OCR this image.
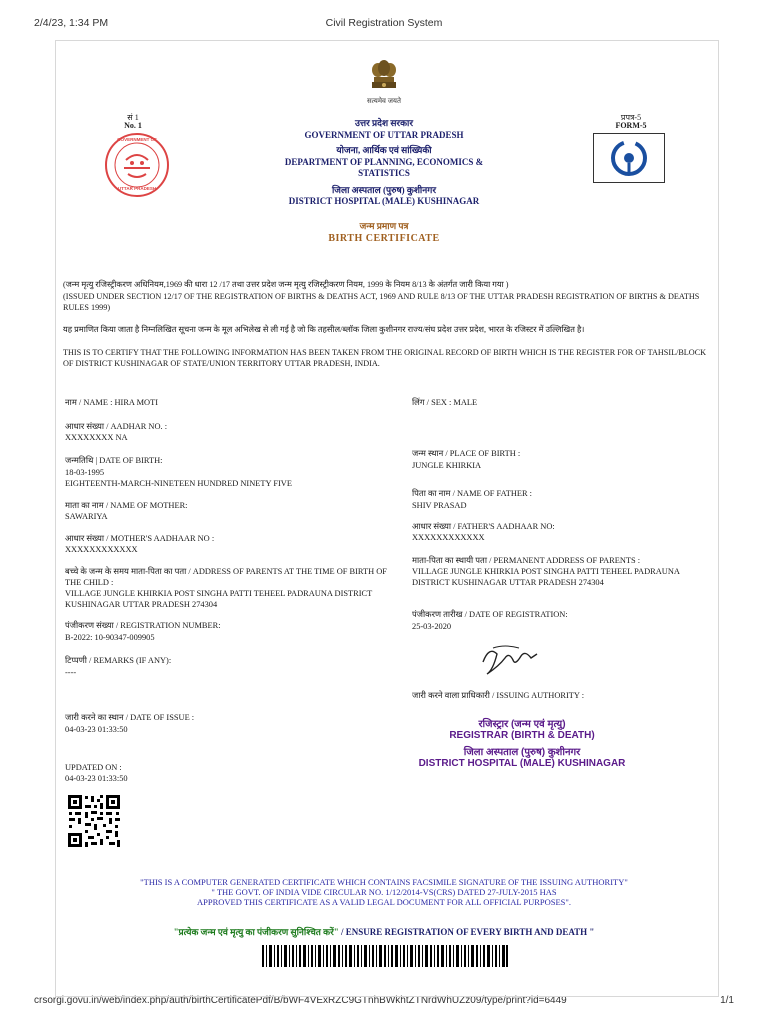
2/4/23, 1:34 PM	Civil Registration System
crsorgi.govu.in/web/index.php/auth/birthCertificatePdf/B/bWF4VExRZC9GTnhBWkhtZTNrdWhUZz09/type/print?id=6449	1/1
सत्यमेव जयते
सं 1
No. 1
GOVERNMENT OF
UTTAR PRADESH
प्रपत्र-5
FORM-5
उत्तर प्रदेश सरकार
GOVERNMENT OF UTTAR PRADESH
योजना, आर्थिक एवं सांख्यिकी
DEPARTMENT OF PLANNING, ECONOMICS &
STATISTICS
जिला अस्पताल (पुरुष) कुशीनगर
DISTRICT HOSPITAL (MALE) KUSHINAGAR
जन्म प्रमाण पत्र
BIRTH CERTIFICATE
(जन्म मृत्यु रजिस्ट्रीकरण अधिनियम,1969 की धारा 12 /17 तथा उत्तर प्रदेश जन्म मृत्यु रजिस्ट्रीकरण नियम, 1999 के नियम 8/13 के अंतर्गत जारी किया गया )
(ISSUED UNDER SECTION 12/17 OF THE REGISTRATION OF BIRTHS & DEATHS ACT, 1969 AND RULE 8/13 OF THE UTTAR PRADESH REGISTRATION OF BIRTHS & DEATHS RULES 1999)
यह प्रमाणित किया जाता है निम्नलिखित सूचना जन्म के मूल अभिलेख से ली गई है जो कि तहसील/ब्लॉक जिला कुशीनगर राज्य/संघ प्रदेश उत्तर प्रदेश, भारत के रजिस्टर में उल्लिखित है।
THIS IS TO CERTIFY THAT THE FOLLOWING INFORMATION HAS BEEN TAKEN FROM THE ORIGINAL RECORD OF BIRTH WHICH IS THE REGISTER FOR OF TAHSIL/BLOCK OF DISTRICT KUSHINAGAR OF STATE/UNION TERRITORY UTTAR PRADESH, INDIA.
नाम / NAME : HIRA MOTI
आधार संख्या / AADHAR NO. :
XXXXXXXX NA
जन्मतिथि | DATE OF BIRTH:
18-03-1995
EIGHTEENTH-MARCH-NINETEEN HUNDRED NINETY FIVE
माता का नाम / NAME OF MOTHER:
SAWARIYA
आधार संख्या / MOTHER'S AADHAAR NO :
XXXXXXXXXXXX
बच्चे के जन्म के समय माता-पिता का पता / ADDRESS OF PARENTS AT THE TIME OF BIRTH OF THE CHILD :
VILLAGE JUNGLE KHIRKIA POST SINGHA PATTI TEHEEL PADRAUNA DISTRICT KUSHINAGAR UTTAR PRADESH 274304
पंजीकरण संख्या / REGISTRATION NUMBER:
B-2022: 10-90347-009905
टिप्पणी / REMARKS (IF ANY):
----
जारी करने का स्थान / DATE OF ISSUE :
04-03-23 01:33:50
UPDATED ON :
04-03-23 01:33:50
लिंग / SEX : MALE
जन्म स्थान / PLACE OF BIRTH :
JUNGLE KHIRKIA
पिता का नाम / NAME OF FATHER :
SHIV PRASAD
आधार संख्या / FATHER'S AADHAAR NO:
XXXXXXXXXXXX
माता-पिता का स्थायी पता / PERMANENT ADDRESS OF PARENTS :
VILLAGE JUNGLE KHIRKIA POST SINGHA PATTI TEHEEL PADRAUNA DISTRICT KUSHINAGAR UTTAR PRADESH 274304
पंजीकरण तारीख / DATE OF REGISTRATION:
25-03-2020
जारी करने वाला प्राधिकारी / ISSUING AUTHORITY :
रजिस्ट्रार (जन्म एवं मृत्यु)
REGISTRAR (BIRTH & DEATH)
जिला अस्पताल (पुरुष) कुशीनगर
DISTRICT HOSPITAL (MALE) KUSHINAGAR
"THIS IS A COMPUTER GENERATED CERTIFICATE WHICH CONTAINS FACSIMILE SIGNATURE OF THE ISSUING AUTHORITY"
" THE GOVT. OF INDIA VIDE CIRCULAR NO. 1/12/2014-VS(CRS) DATED 27-JULY-2015 HAS
APPROVED THIS CERTIFICATE AS A VALID LEGAL DOCUMENT FOR ALL OFFICIAL PURPOSES".
"प्रत्येक जन्म एवं मृत्यु का पंजीकरण सुनिश्चित करें" / ENSURE REGISTRATION OF EVERY BIRTH AND DEATH "
